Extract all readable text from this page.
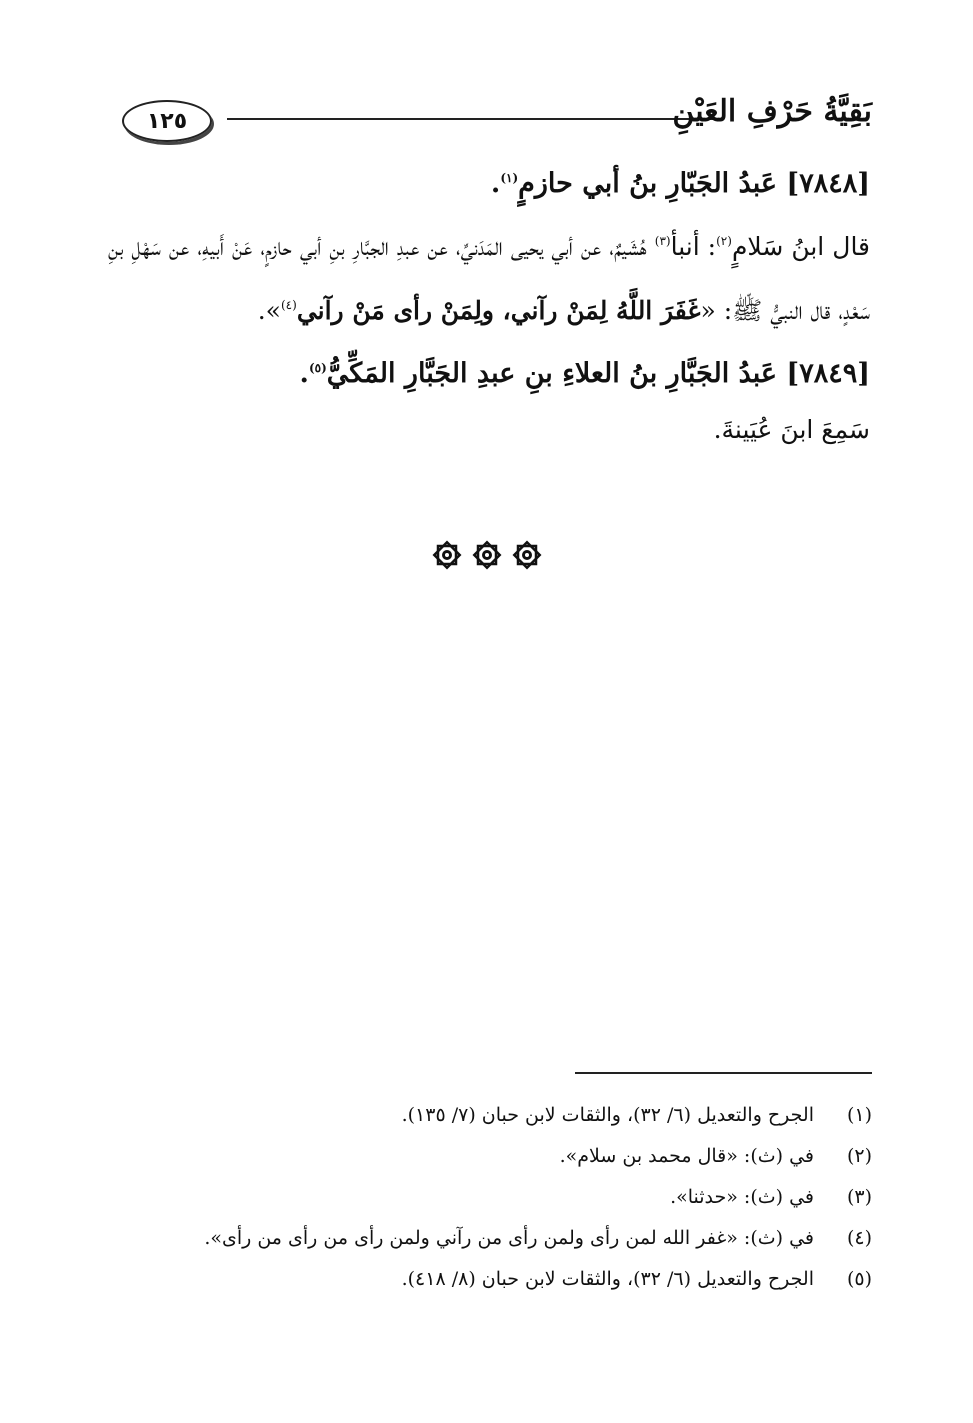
١٢٥	بَقِيَّةُ حَرْفِ العَيْنِ

[٧٨٤٨] عَبدُ الجَبّارِ بنُ أبي حازمٍ$^{(١)}$.

قال ابنُ سَلامٍ$^{(٢)}$: أنبأ$^{(٣)}$ هُشَيمٌ، عن أبي يحيى المَدَنيِّ، عن عبدِ الجبَّارِ بنِ أبي حازمٍ، عَنْ أَبيهِ، عن سَهْلِ بنِ سَعْدٍ، قال النبيُّ ﷺ: «غَفَرَ اللَّهُ لِمَنْ رآني، ولِمَنْ رأى مَنْ رآني$^{(٤)}$».

[٧٨٤٩] عَبدُ الجَبَّارِ بنُ العلاءِ بنِ عبدِ الجَبَّارِ المَكِّيُّ$^{(٥)}$.

سَمِعَ ابنَ عُيَينةَ.

(١)الجرح والتعديل (٦/ ٣٢)، والثقات لابن حبان (٧/ ١٣٥).

(٢)في (ث): «قال محمد بن سلام».

(٣)في (ث): «حدثنا».

(٤)في (ث): «غفر الله لمن رأى ولمن رأى من رآني ولمن رأى من رأى من رأى».

(٥)الجرح والتعديل (٦/ ٣٢)، والثقات لابن حبان (٨/ ٤١٨).
